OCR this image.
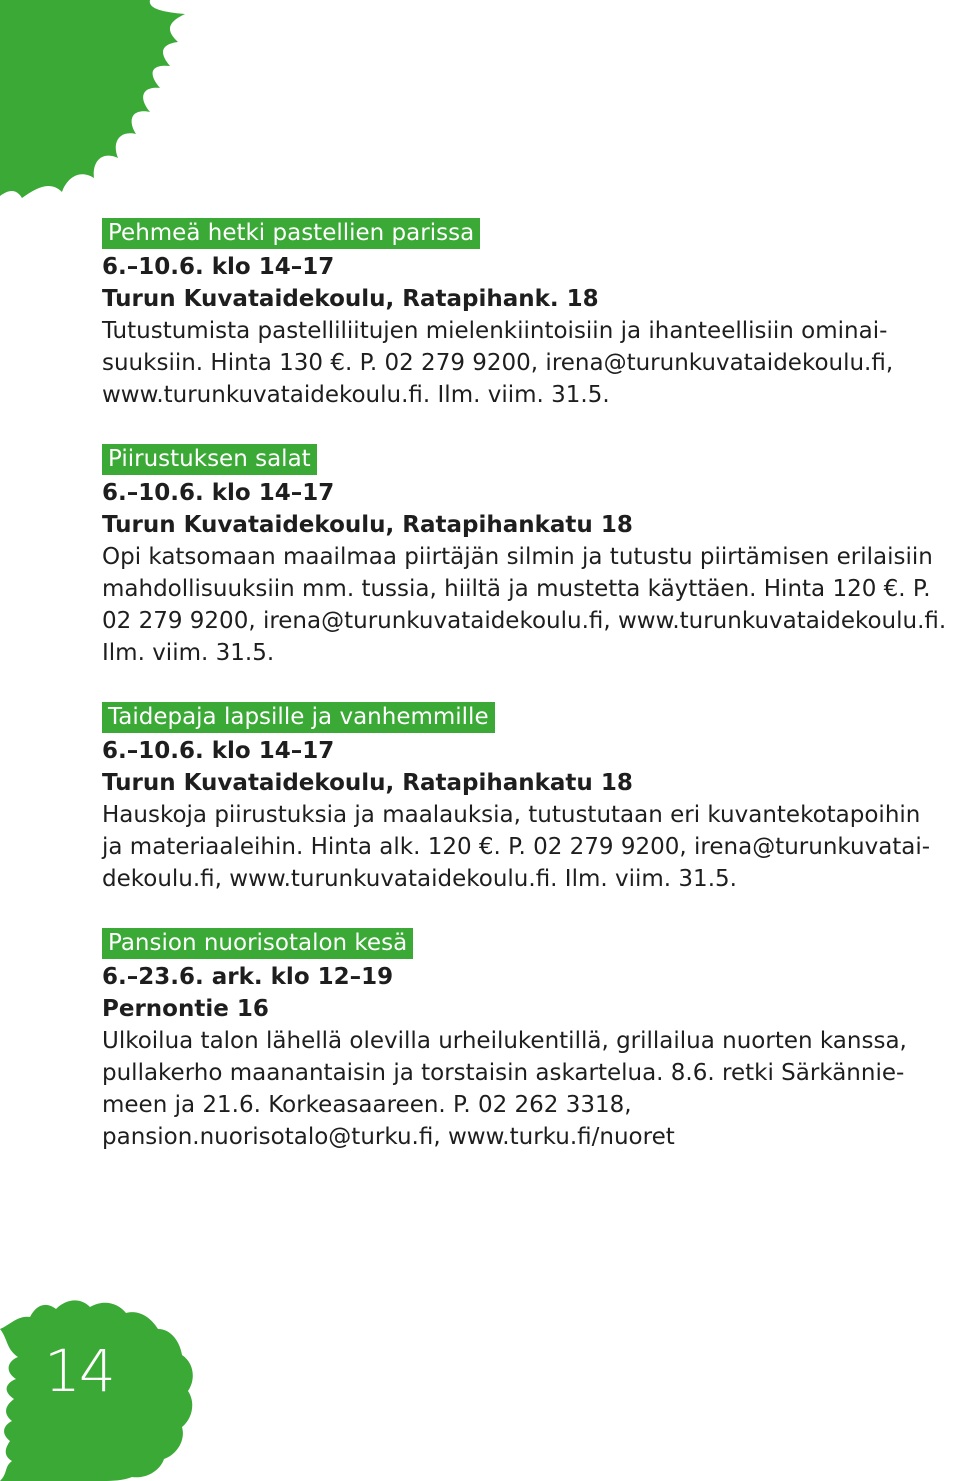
14
Pehmeä hetki pastellien parissa
6.–10.6. klo 14–17
Turun Kuvataidekoulu, Ratapihank. 18
Tutustumista pastelliliitujen mielenkiintoisiin ja ihanteellisiin ominai-
suuksiin. Hinta 130 €. P. 02 279 9200, irena@turunkuvataidekoulu.fi,
www.turunkuvataidekoulu.fi. Ilm. viim. 31.5.
Piirustuksen salat
6.–10.6. klo 14–17
Turun Kuvataidekoulu, Ratapihankatu 18
Opi katsomaan maailmaa piirtäjän silmin ja tutustu piirtämisen erilaisiin
mahdollisuuksiin mm. tussia, hiiltä ja mustetta käyttäen. Hinta 120 €. P.
02 279 9200, irena@turunkuvataidekoulu.fi, www.turunkuvataidekoulu.fi.
Ilm. viim. 31.5.
Taidepaja lapsille ja vanhemmille
6.–10.6. klo 14–17
Turun Kuvataidekoulu, Ratapihankatu 18
Hauskoja piirustuksia ja maalauksia, tutustutaan eri kuvantekotapoihin
ja materiaaleihin. Hinta alk. 120 €. P. 02 279 9200, irena@turunkuvatai-
dekoulu.fi, www.turunkuvataidekoulu.fi. Ilm. viim. 31.5.
Pansion nuorisotalon kesä
6.–23.6. ark. klo 12–19
Pernontie 16
Ulkoilua talon lähellä olevilla urheilukentillä, grillailua nuorten kanssa,
pullakerho maanantaisin ja torstaisin askartelua. 8.6. retki Särkännie-
meen ja 21.6. Korkeasaareen. P. 02 262 3318,
pansion.nuorisotalo@turku.fi, www.turku.fi/nuoret
